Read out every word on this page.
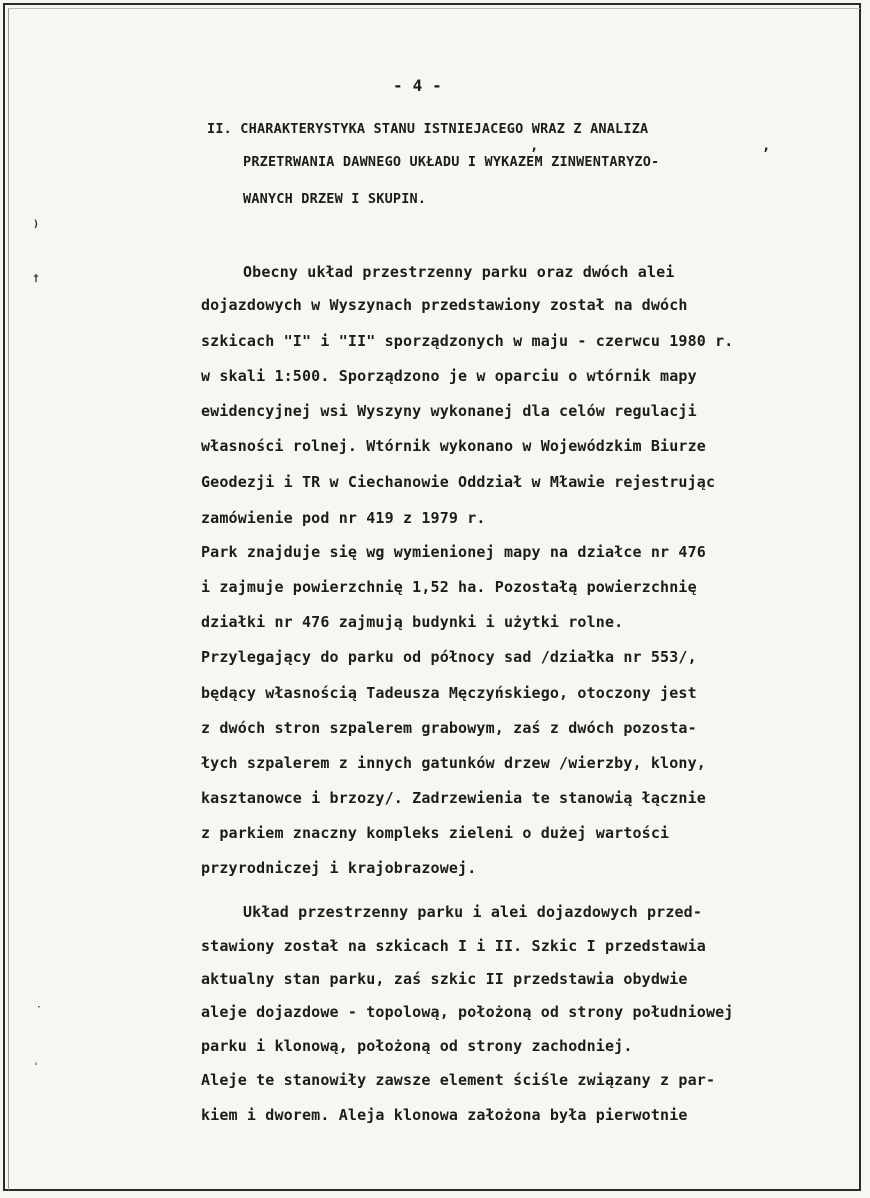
- 4 -
II. CHARAKTERYSTYKA STANU ISTNIEJACEGO WRAZ Z ANALIZA
,	,
PRZETRWANIA DAWNEGO UKŁADU I WYKAZEM ZINWENTARYZO-
WANYCH DRZEW I SKUPIN.
Obecny układ przestrzenny parku oraz dwóch alei
dojazdowych w Wyszynach przedstawiony został na dwóch
szkicach "I" i "II" sporządzonych w maju - czerwcu 1980 r.
w skali 1:500. Sporządzono je w oparciu o wtórnik mapy
ewidencyjnej wsi Wyszyny wykonanej dla celów regulacji
własności rolnej. Wtórnik wykonano w Wojewódzkim Biurze
Geodezji i TR w Ciechanowie Oddział w Mławie rejestrując
zamówienie pod nr 419 z 1979 r.
Park znajduje się wg wymienionej mapy na działce nr 476
i zajmuje powierzchnię 1,52 ha. Pozostałą powierzchnię
działki nr 476 zajmują budynki i użytki rolne.
Przylegający do parku od północy sad /działka nr 553/,
będący własnością Tadeusza Męczyńskiego, otoczony jest
z dwóch stron szpalerem grabowym, zaś z dwóch pozosta-
łych szpalerem z innych gatunków drzew /wierzby, klony,
kasztanowce i brzozy/. Zadrzewienia te stanowią łącznie
z parkiem znaczny kompleks zieleni o dużej wartości
przyrodniczej i krajobrazowej.
Układ przestrzenny parku i alei dojazdowych przed-
stawiony został na szkicach I i II. Szkic I przedstawia
aktualny stan parku, zaś szkic II przedstawia obydwie
aleje dojazdowe - topolową, położoną od strony południowej
parku i klonową, położoną od strony zachodniej.
Aleje te stanowiły zawsze element ściśle związany z par-
kiem i dworem. Aleja klonowa założona była pierwotnie
)
†
′
ʿ
